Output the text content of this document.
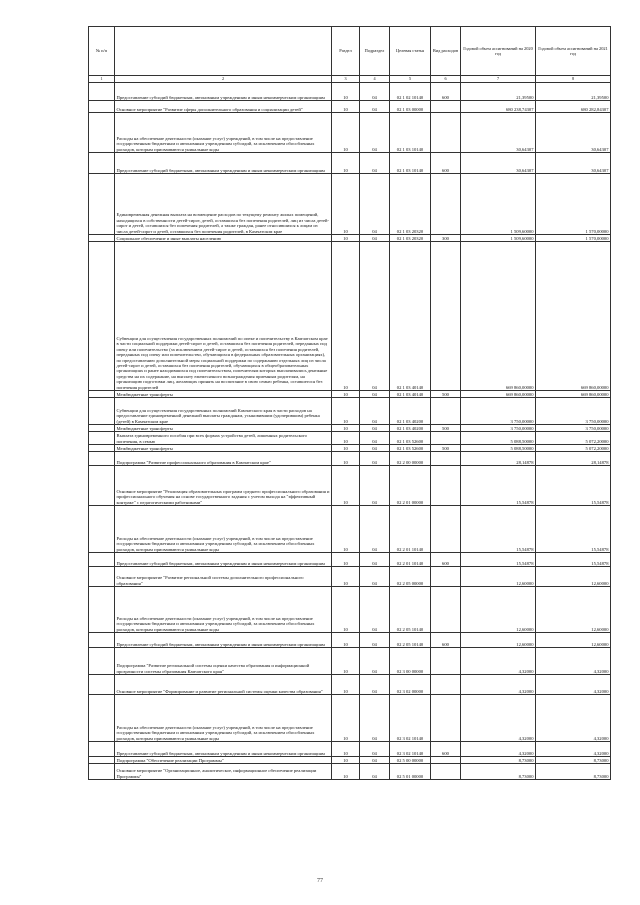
№ п/п		Раздел	Подраздел	Целевая статья	Вид расходов	Годовой объем ассигнований на 2020 год	Годовой объем ассигнований на 2021 год
1	2	3	4	5	6	7	8
	Предоставление субсидий бюджетным, автономным учреждениям и иным некоммерческим организациям	10	04	02 1 02 10140	600	21,39500	21,39500
	Основное мероприятие "Развитие сферы дополнительного образования и социализации детей"	10	04	02 1 03 00000		680 238,74307	680 282,84307
	Расходы на обеспечение деятельности (оказание услуг) учреждений, в том числе на предоставление государственным бюджетным и автономным учреждениям субсидий, за исключением обособленных расходов, которым присваиваются уникальные коды	10	04	02 1 03 10140		30,64307	30,64307
	Предоставление субсидий бюджетным, автономным учреждениям и иным некоммерческим организациям	10	04	02 1 03 10140	600	30,64307	30,64307
	Единовременная денежная выплата на возмещение расходов по текущему ремонту жилых помещений, находящихся в собственности детей-сирот, детей, оставшихся без попечения родителей, лиц из числа детей-сирот и детей, оставшихся без попечения родителей, а также граждан, ранее относившихся к лицам из числа детей-сирот и детей, оставшихся без попечения родителей, в Камчатском крае	10	04	02 1 03 20320		1 509,60000	1 570,00000
	Социальное обеспечение и иные выплаты населению	10	04	02 1 03 20320	300	1 509,60000	1 570,00000
	Субвенции для осуществления государственных полномочий по опеке и попечительству в Камчатском крае в части социальной поддержки детей-сирот и детей, оставшихся без попечения родителей, переданных под опеку или попечительство (за исключением детей-сирот и детей, оставшихся без попечения родителей, переданных под опеку или попечительство, обучающихся в федеральных образовательных организациях), по предоставлению дополнительной меры социальной поддержки по содержанию отдельных лиц из числа детей-сирот и детей, оставшихся без попечения родителей, обучающихся в общеобразовательных организациях и ранее находившихся под попечительством, попечителям которых выплачивались денежные средства на их содержание, на выплату ежемесячного вознаграждения приемным родителям, на организацию подготовки лиц, желающих принять на воспитание в свою семью ребенка, оставшегося без попечения родителей	10	04	02 1 03 40140		669 860,00000	669 860,00000
	Межбюджетные трансферты	10	04	02 1 03 40140	500	669 860,00000	669 860,00000
	Субвенции для осуществления государственных полномочий Камчатского края в части расходов на предоставление единовременной денежной выплаты гражданам, усыновившим (удочерившим) ребенка (детей) в Камчатском крае	10	04	02 1 03 40200		3 750,00000	3 750,00000
	Межбюджетные трансферты	10	04	02 1 03 40200	500	3 750,00000	3 750,00000
	Выплата единовременного пособия при всех формах устройства детей, лишенных родительского попечения, в семью	10	04	02 1 03 52600		5 088,50000	5 072,20000
	Межбюджетные трансферты	10	04	02 1 03 52600	500	5 088,50000	5 072,20000
	Подпрограмма "Развитие профессионального образования в Камчатском крае"	10	04	02 2 00 00000		28,14878	28,14878
	Основное мероприятие "Реализация образовательных программ среднего профессионального образования и профессионального обучения на основе государственного задания с учетом выхода на "эффективный контракт" с педагогическими работниками"	10	04	02 2 01 00000		15,54878	15,54878
	Расходы на обеспечение деятельности (оказание услуг) учреждений, в том числе на предоставление государственным бюджетным и автономным учреждениям субсидий, за исключением обособленных расходов, которым присваиваются уникальные коды	10	04	02 2 01 10140		15,54878	15,54878
	Предоставление субсидий бюджетным, автономным учреждениям и иным некоммерческим организациям	10	04	02 2 01 10140	600	15,54878	15,54878
	Основное мероприятие "Развитие региональной системы дополнительного профессионального образования"	10	04	02 2 05 00000		12,60000	12,60000
	Расходы на обеспечение деятельности (оказание услуг) учреждений, в том числе на предоставление государственным бюджетным и автономным учреждениям субсидий, за исключением обособленных расходов, которым присваиваются уникальные коды	10	04	02 2 05 10140		12,60000	12,60000
	Предоставление субсидий бюджетным, автономным учреждениям и иным некоммерческим организациям	10	04	02 2 05 10140	600	12,60000	12,60000
	Подпрограмма "Развитие региональной системы оценки качества образования и информационной прозрачности системы образования Камчатского края"	10	04	02 3 00 00000		4,32000	4,32000
	Основное мероприятие "Формирование и развитие региональной системы оценки качества образования"	10	04	02 3 02 00000		4,32000	4,32000
	Расходы на обеспечение деятельности (оказание услуг) учреждений, в том числе на предоставление государственным бюджетным и автономным учреждениям субсидий, за исключением обособленных расходов, которым присваиваются уникальные коды	10	04	02 3 02 10140		4,32000	4,32000
	Предоставление субсидий бюджетным, автономным учреждениям и иным некоммерческим организациям	10	04	02 3 02 10140	600	4,32000	4,32000
	Подпрограмма "Обеспечение реализации Программы"	10	04	02 5 00 00000		8,73000	8,73000
	Основное мероприятие "Организационное, аналитическое, информационное обеспечение реализации Программы"	10	04	02 5 01 00000		8,73000	8,73000
77
